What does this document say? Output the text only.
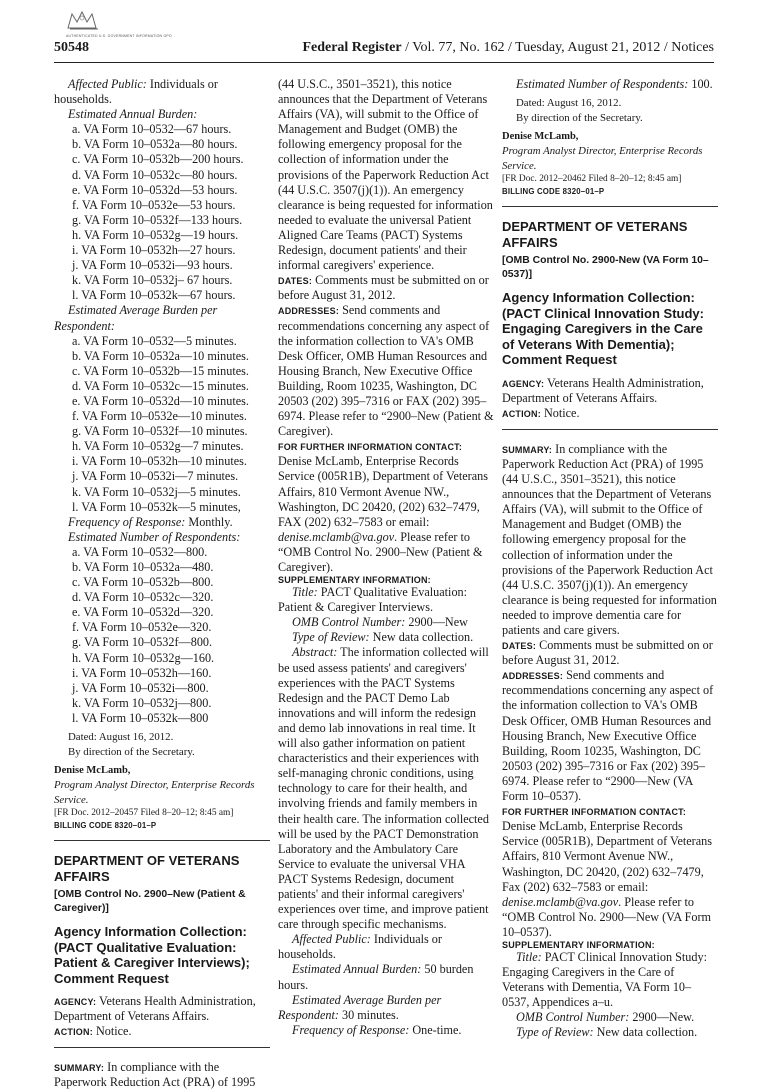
AUTHENTICATED U.S. GOVERNMENT INFORMATION GPO
50548	Federal Register / Vol. 77, No. 162 / Tuesday, August 21, 2012 / Notices

Affected Public: Individuals or households.

Estimated Annual Burden:

a. VA Form 10–0532—67 hours.

b. VA Form 10–0532a—80 hours.

c. VA Form 10–0532b—200 hours.

d. VA Form 10–0532c—80 hours.

e. VA Form 10–0532d—53 hours.

f. VA Form 10–0532e—53 hours.

g. VA Form 10–0532f—133 hours.

h. VA Form 10–0532g—19 hours.

i. VA Form 10–0532h—27 hours.

j. VA Form 10–0532i—93 hours.

k. VA Form 10–0532j– 67 hours.

l. VA Form 10–0532k—67 hours.

Estimated Average Burden per Respondent:

a. VA Form 10–0532—5 minutes.

b. VA Form 10–0532a—10 minutes.

c. VA Form 10–0532b—15 minutes.

d. VA Form 10–0532c—15 minutes.

e. VA Form 10–0532d—10 minutes.

f. VA Form 10–0532e—10 minutes.

g. VA Form 10–0532f—10 minutes.

h. VA Form 10–0532g—7 minutes.

i. VA Form 10–0532h—10 minutes.

j. VA Form 10–0532i—7 minutes.

k. VA Form 10–0532j—5 minutes.

l. VA Form 10–0532k—5 minutes,

Frequency of Response: Monthly.

Estimated Number of Respondents:

a. VA Form 10–0532—800.

b. VA Form 10–0532a—480.

c. VA Form 10–0532b—800.

d. VA Form 10–0532c—320.

e. VA Form 10–0532d—320.

f. VA Form 10–0532e—320.

g. VA Form 10–0532f—800.

h. VA Form 10–0532g—160.

i. VA Form 10–0532h—160.

j. VA Form 10–0532i—800.

k. VA Form 10–0532j—800.

l. VA Form 10–0532k—800

Dated: August 16, 2012.

By direction of the Secretary.

Denise McLamb,

Program Analyst Director, Enterprise Records Service.

[FR Doc. 2012–20457 Filed 8–20–12; 8:45 am]

BILLING CODE 8320–01–P

DEPARTMENT OF VETERANS AFFAIRS

[OMB Control No. 2900–New (Patient & Caregiver)]

Agency Information Collection: (PACT Qualitative Evaluation: Patient & Caregiver Interviews); Comment Request

AGENCY: Veterans Health Administration, Department of Veterans Affairs.

ACTION: Notice.

SUMMARY: In compliance with the Paperwork Reduction Act (PRA) of 1995

(44 U.S.C., 3501–3521), this notice announces that the Department of Veterans Affairs (VA), will submit to the Office of Management and Budget (OMB) the following emergency proposal for the collection of information under the provisions of the Paperwork Reduction Act (44 U.S.C. 3507(j)(1)). An emergency clearance is being requested for information needed to evaluate the universal Patient Aligned Care Teams (PACT) Systems Redesign, document patients' and their informal caregivers' experience.

DATES: Comments must be submitted on or before August 31, 2012.

ADDRESSES: Send comments and recommendations concerning any aspect of the information collection to VA's OMB Desk Officer, OMB Human Resources and Housing Branch, New Executive Office Building, Room 10235, Washington, DC 20503 (202) 395–7316 or FAX (202) 395–6974. Please refer to “2900–New (Patient & Caregiver).

FOR FURTHER INFORMATION CONTACT: Denise McLamb, Enterprise Records Service (005R1B), Department of Veterans Affairs, 810 Vermont Avenue NW., Washington, DC 20420, (202) 632–7479, FAX (202) 632–7583 or email: denise.mclamb@va.gov. Please refer to “OMB Control No. 2900–New (Patient & Caregiver).

SUPPLEMENTARY INFORMATION:

Title: PACT Qualitative Evaluation: Patient & Caregiver Interviews.

OMB Control Number: 2900—New

Type of Review: New data collection.

Abstract: The information collected will be used assess patients' and caregivers' experiences with the PACT Systems Redesign and the PACT Demo Lab innovations and will inform the redesign and demo lab innovations in real time. It will also gather information on patient characteristics and their experiences with self-managing chronic conditions, using technology to care for their health, and involving friends and family members in their health care. The information collected will be used by the PACT Demonstration Laboratory and the Ambulatory Care Service to evaluate the universal VHA PACT Systems Redesign, document patients' and their informal caregivers' experiences over time, and improve patient care through specific mechanisms.

Affected Public: Individuals or households.

Estimated Annual Burden: 50 burden hours.

Estimated Average Burden per Respondent: 30 minutes.

Frequency of Response: One-time.

Estimated Number of Respondents: 100.

Dated: August 16, 2012.

By direction of the Secretary.

Denise McLamb,

Program Analyst Director, Enterprise Records Service.

[FR Doc. 2012–20462 Filed 8–20–12; 8:45 am]

BILLING CODE 8320–01–P

DEPARTMENT OF VETERANS AFFAIRS

[OMB Control No. 2900-New (VA Form 10–0537)]

Agency Information Collection: (PACT Clinical Innovation Study: Engaging Caregivers in the Care of Veterans With Dementia); Comment Request

AGENCY: Veterans Health Administration, Department of Veterans Affairs.

ACTION: Notice.

SUMMARY: In compliance with the Paperwork Reduction Act (PRA) of 1995 (44 U.S.C., 3501–3521), this notice announces that the Department of Veterans Affairs (VA), will submit to the Office of Management and Budget (OMB) the following emergency proposal for the collection of information under the provisions of the Paperwork Reduction Act (44 U.S.C. 3507(j)(1)). An emergency clearance is being requested for information needed to improve dementia care for patients and care givers.

DATES: Comments must be submitted on or before August 31, 2012.

ADDRESSES: Send comments and recommendations concerning any aspect of the information collection to VA's OMB Desk Officer, OMB Human Resources and Housing Branch, New Executive Office Building, Room 10235, Washington, DC 20503 (202) 395–7316 or Fax (202) 395–6974. Please refer to “2900—New (VA Form 10–0537).

FOR FURTHER INFORMATION CONTACT: Denise McLamb, Enterprise Records Service (005R1B), Department of Veterans Affairs, 810 Vermont Avenue NW., Washington, DC 20420, (202) 632–7479, Fax (202) 632–7583 or email: denise.mclamb@va.gov. Please refer to “OMB Control No. 2900—New (VA Form 10–0537).

SUPPLEMENTARY INFORMATION:

Title: PACT Clinical Innovation Study: Engaging Caregivers in the Care of Veterans with Dementia, VA Form 10–0537, Appendices a–u.

OMB Control Number: 2900—New.

Type of Review: New data collection.
